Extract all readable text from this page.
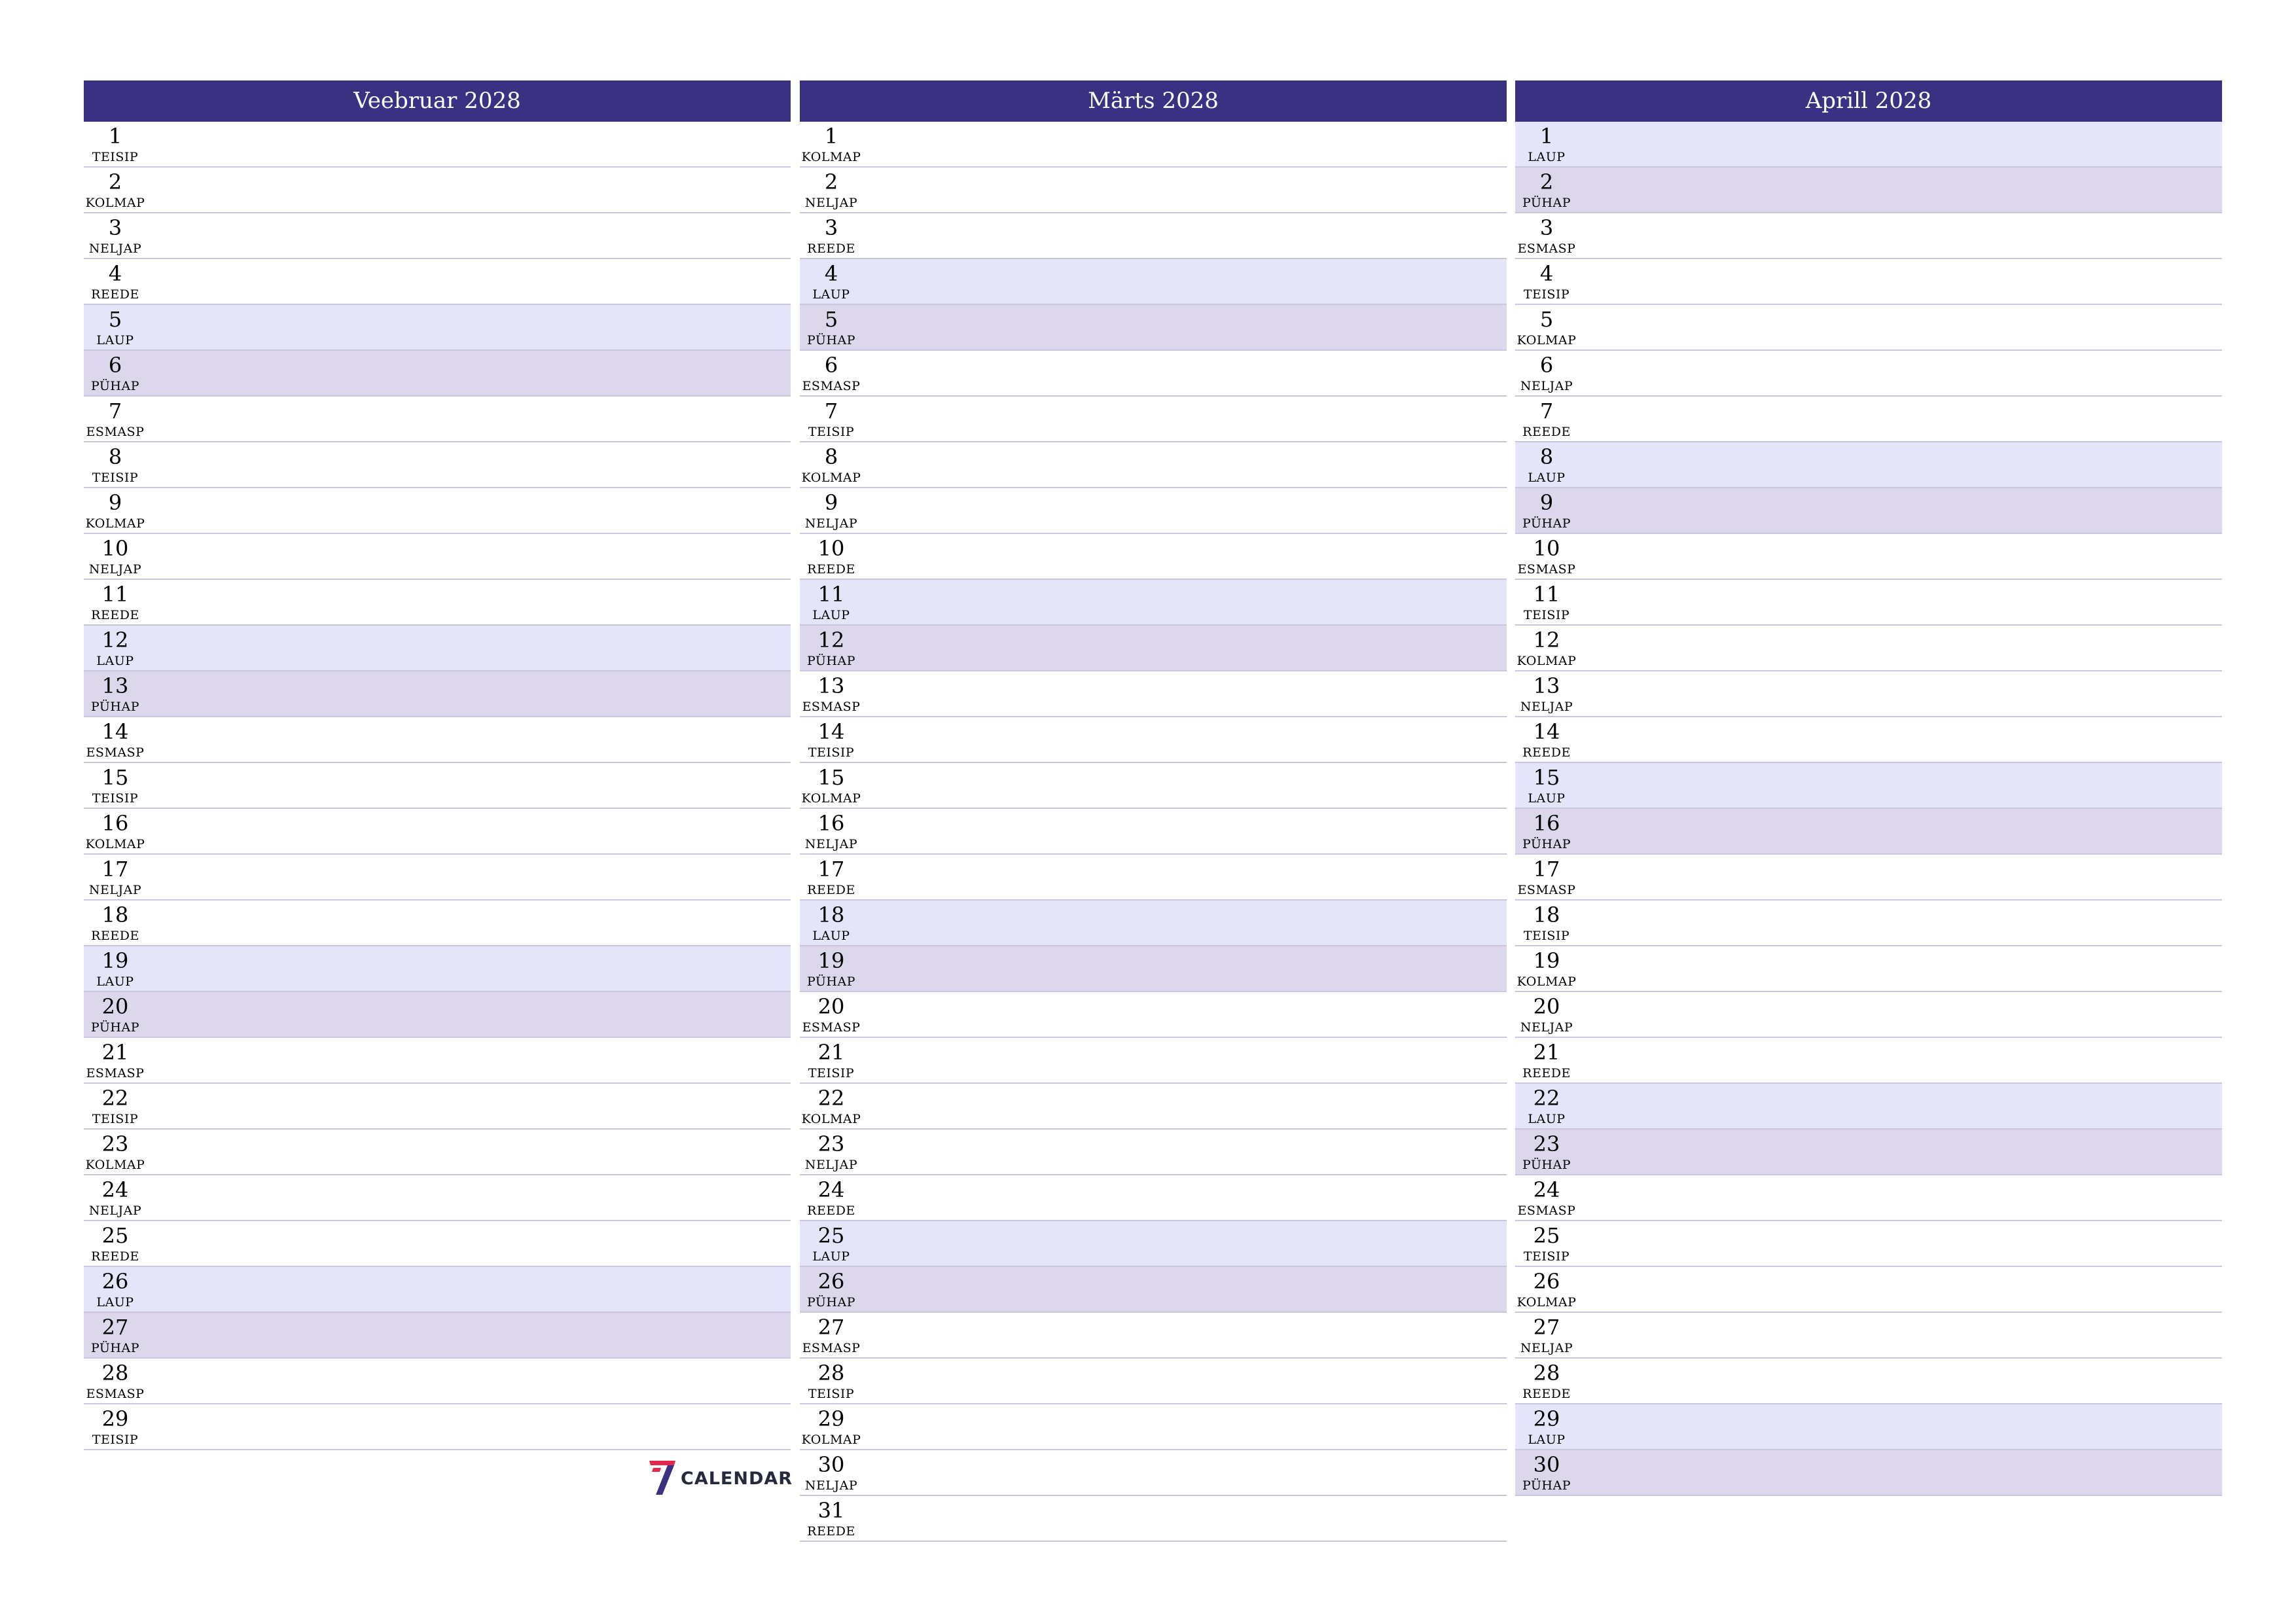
Veebruar 2028
1
TEISIP
2
KOLMAP
3
NELJAP
4
REEDE
5
LAUP
6
PÜHAP
7
ESMASP
8
TEISIP
9
KOLMAP
10
NELJAP
11
REEDE
12
LAUP
13
PÜHAP
14
ESMASP
15
TEISIP
16
KOLMAP
17
NELJAP
18
REEDE
19
LAUP
20
PÜHAP
21
ESMASP
22
TEISIP
23
KOLMAP
24
NELJAP
25
REEDE
26
LAUP
27
PÜHAP
28
ESMASP
29
TEISIP
Märts 2028
1
KOLMAP
2
NELJAP
3
REEDE
4
LAUP
5
PÜHAP
6
ESMASP
7
TEISIP
8
KOLMAP
9
NELJAP
10
REEDE
11
LAUP
12
PÜHAP
13
ESMASP
14
TEISIP
15
KOLMAP
16
NELJAP
17
REEDE
18
LAUP
19
PÜHAP
20
ESMASP
21
TEISIP
22
KOLMAP
23
NELJAP
24
REEDE
25
LAUP
26
PÜHAP
27
ESMASP
28
TEISIP
29
KOLMAP
30
NELJAP
31
REEDE
Aprill 2028
1
LAUP
2
PÜHAP
3
ESMASP
4
TEISIP
5
KOLMAP
6
NELJAP
7
REEDE
8
LAUP
9
PÜHAP
10
ESMASP
11
TEISIP
12
KOLMAP
13
NELJAP
14
REEDE
15
LAUP
16
PÜHAP
17
ESMASP
18
TEISIP
19
KOLMAP
20
NELJAP
21
REEDE
22
LAUP
23
PÜHAP
24
ESMASP
25
TEISIP
26
KOLMAP
27
NELJAP
28
REEDE
29
LAUP
30
PÜHAP
CALENDAR
